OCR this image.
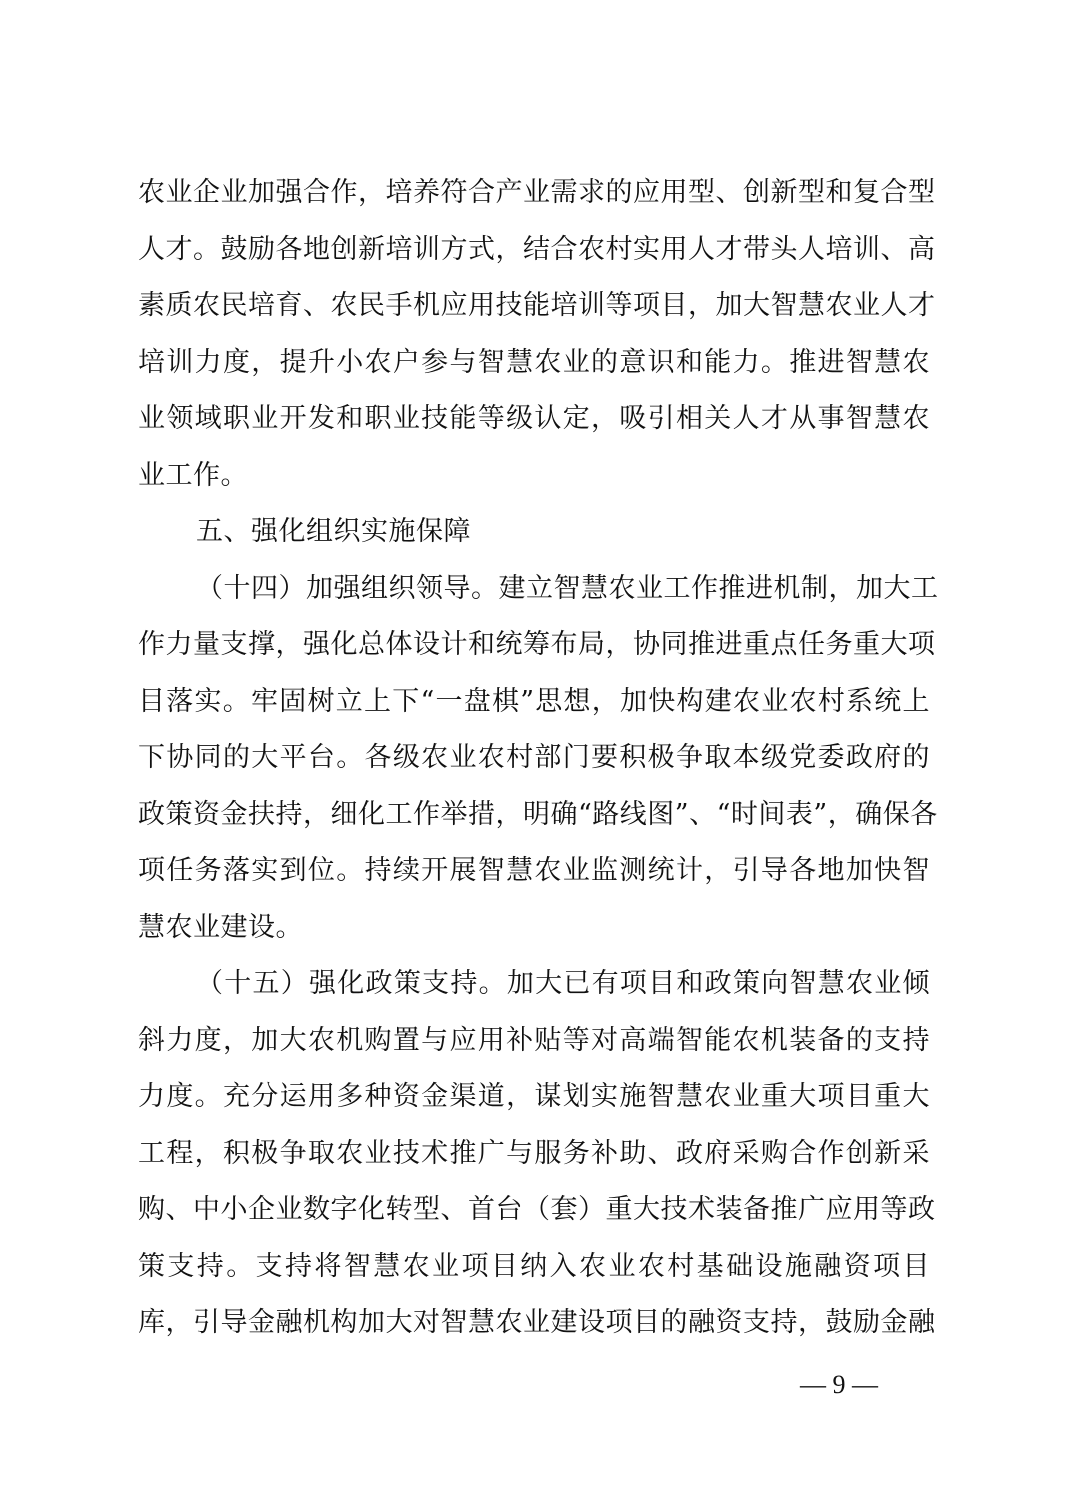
农业企业加强合作，培养符合产业需求的应用型、创新型和复合型
人才。鼓励各地创新培训方式，结合农村实用人才带头人培训、高
素质农民培育、农民手机应用技能培训等项目，加大智慧农业人才
培训力度，提升小农户参与智慧农业的意识和能力。推进智慧农
业领域职业开发和职业技能等级认定，吸引相关人才从事智慧农
业工作。
五、强化组织实施保障
（十四）加强组织领导。建立智慧农业工作推进机制，加大工
作力量支撑，强化总体设计和统筹布局，协同推进重点任务重大项
目落实。牢固树立上下“一盘棋”思想，加快构建农业农村系统上
下协同的大平台。各级农业农村部门要积极争取本级党委政府的
政策资金扶持，细化工作举措，明确“路线图”、“时间表”，确保各
项任务落实到位。持续开展智慧农业监测统计，引导各地加快智
慧农业建设。
（十五）强化政策支持。加大已有项目和政策向智慧农业倾
斜力度，加大农机购置与应用补贴等对高端智能农机装备的支持
力度。充分运用多种资金渠道，谋划实施智慧农业重大项目重大
工程，积极争取农业技术推广与服务补助、政府采购合作创新采
购、中小企业数字化转型、首台（套）重大技术装备推广应用等政
策支持。支持将智慧农业项目纳入农业农村基础设施融资项目
库，引导金融机构加大对智慧农业建设项目的融资支持，鼓励金融
— 9 —
